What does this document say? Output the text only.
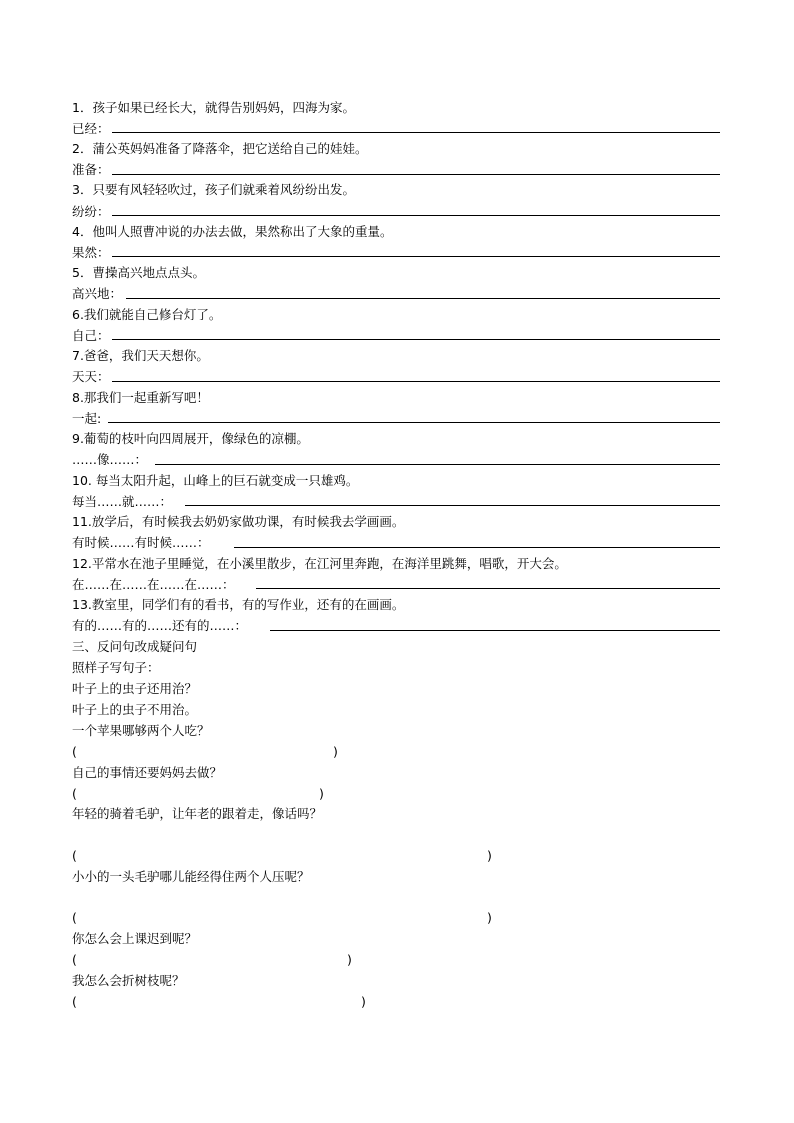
1．孩子如果已经长大，就得告别妈妈，四海为家。
已经：
2．蒲公英妈妈准备了降落伞，把它送给自己的娃娃。
准备：
3．只要有风轻轻吹过，孩子们就乘着风纷纷出发。
纷纷：
4．他叫人照曹冲说的办法去做，果然称出了大象的重量。
果然：
5．曹操高兴地点点头。
高兴地：
6.我们就能自己修台灯了。
自己：
7.爸爸，我们天天想你。
天天：
8.那我们一起重新写吧！
一起:
9.葡萄的枝叶向四周展开，像绿色的凉棚。
……像……：
10. 每当太阳升起，山峰上的巨石就变成一只雄鸡。
每当……就……：
11.放学后，有时候我去奶奶家做功课，有时候我去学画画。
有时候……有时候……：
12.平常水在池子里睡觉，在小溪里散步，在江河里奔跑，在海洋里跳舞，唱歌，开大会。
在……在……在……在……：
13.教室里，同学们有的看书，有的写作业，还有的在画画。
有的……有的……还有的……：
三、反问句改成疑问句
照样子写句子：
叶子上的虫子还用治？
叶子上的虫子不用治。
一个苹果哪够两个人吃？
(	)
自己的事情还要妈妈去做？
(	)
年轻的骑着毛驴，让年老的跟着走，像话吗？
(	)
小小的一头毛驴哪儿能经得住两个人压呢？
(	)
你怎么会上课迟到呢？
(	)
我怎么会折树枝呢？
(	)
